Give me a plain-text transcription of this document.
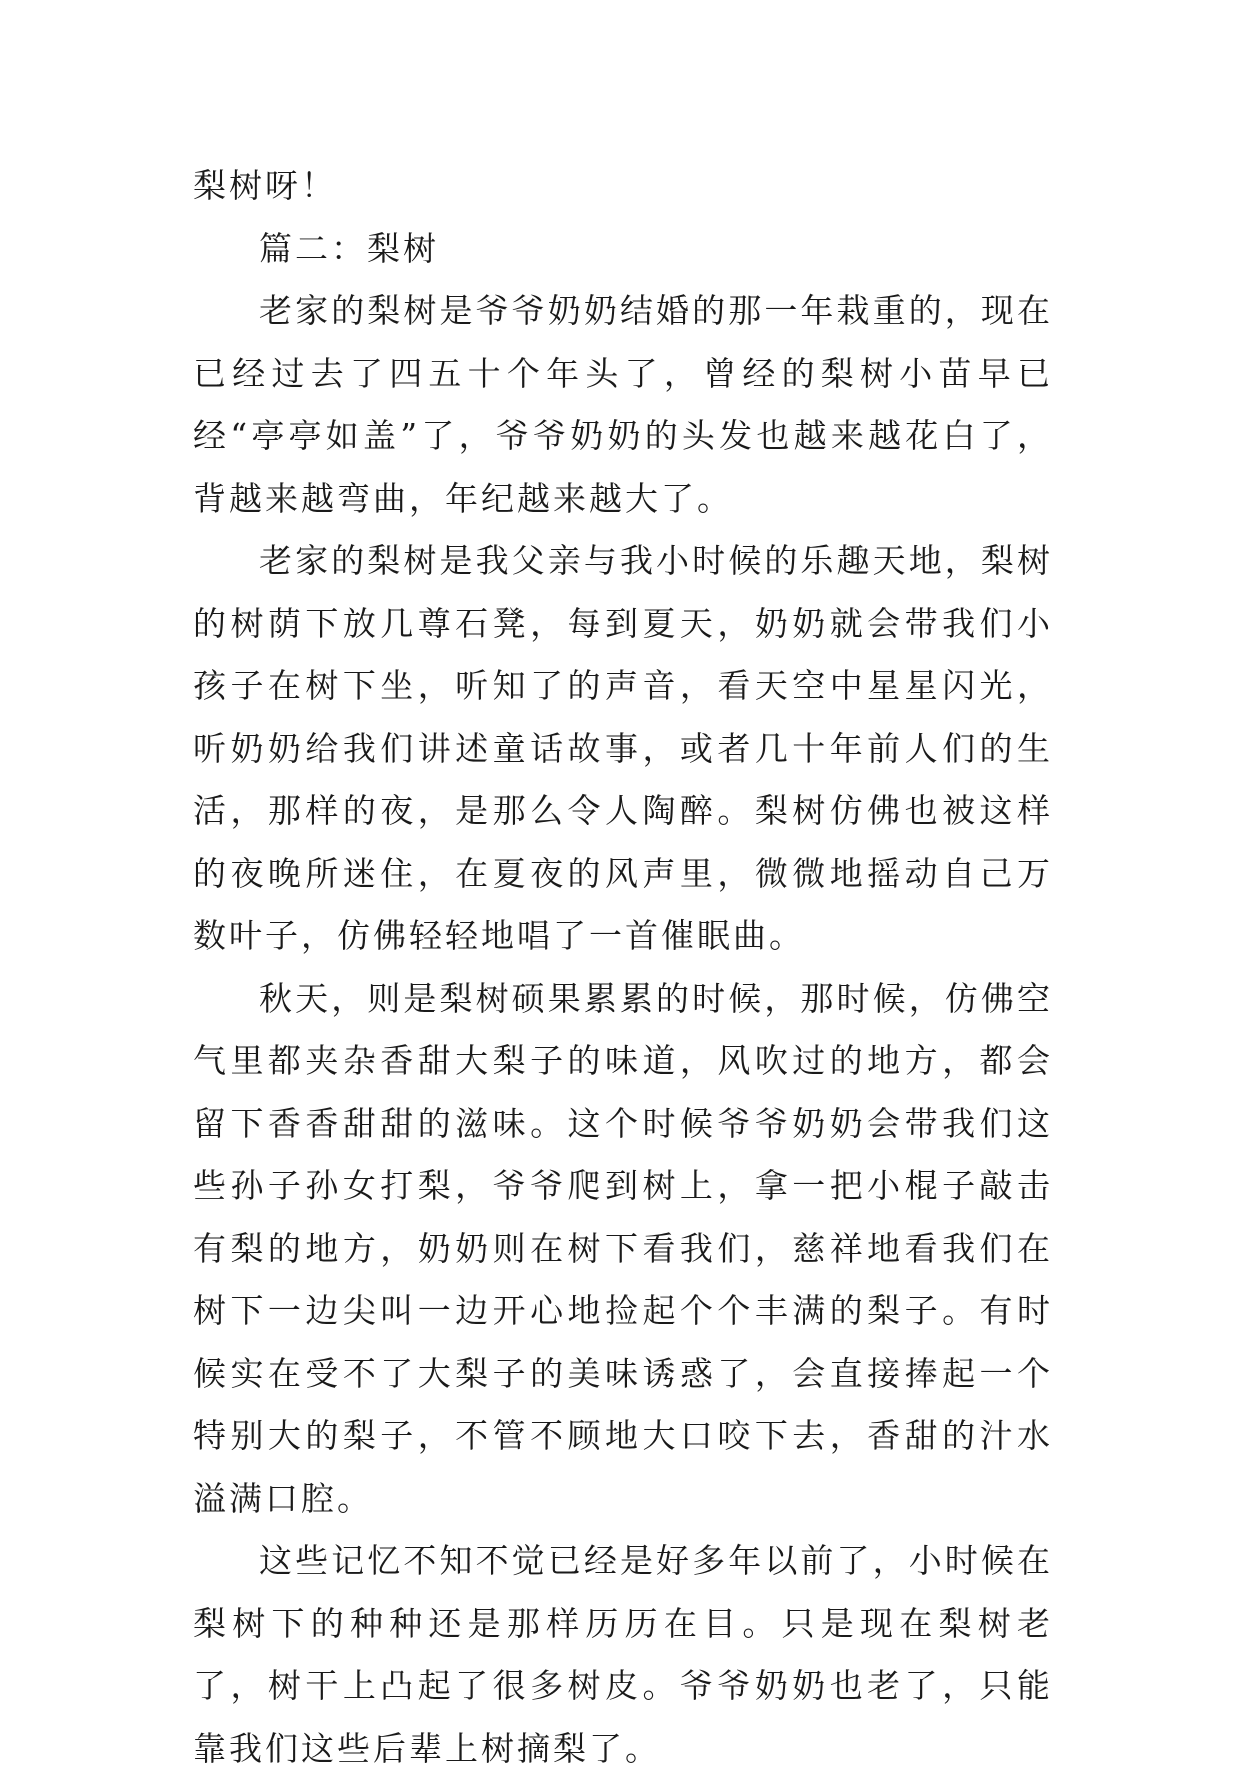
梨树呀！

篇二：梨树

老家的梨树是爷爷奶奶结婚的那一年栽重的，现在已经过去了四五十个年头了，曾经的梨树小苗早已经“亭亭如盖”了，爷爷奶奶的头发也越来越花白了，背越来越弯曲，年纪越来越大了。

老家的梨树是我父亲与我小时候的乐趣天地，梨树的树荫下放几尊石凳，每到夏天，奶奶就会带我们小孩子在树下坐，听知了的声音，看天空中星星闪光，听奶奶给我们讲述童话故事，或者几十年前人们的生活，那样的夜，是那么令人陶醉。梨树仿佛也被这样的夜晚所迷住，在夏夜的风声里，微微地摇动自己万数叶子，仿佛轻轻地唱了一首催眠曲。

秋天，则是梨树硕果累累的时候，那时候，仿佛空气里都夹杂香甜大梨子的味道，风吹过的地方，都会留下香香甜甜的滋味。这个时候爷爷奶奶会带我们这些孙子孙女打梨，爷爷爬到树上，拿一把小棍子敲击有梨的地方，奶奶则在树下看我们，慈祥地看我们在树下一边尖叫一边开心地捡起个个丰满的梨子。有时候实在受不了大梨子的美味诱惑了，会直接捧起一个特别大的梨子，不管不顾地大口咬下去，香甜的汁水溢满口腔。

这些记忆不知不觉已经是好多年以前了，小时候在梨树下的种种还是那样历历在目。只是现在梨树老了，树干上凸起了很多树皮。爷爷奶奶也老了，只能靠我们这些后辈上树摘梨了。
